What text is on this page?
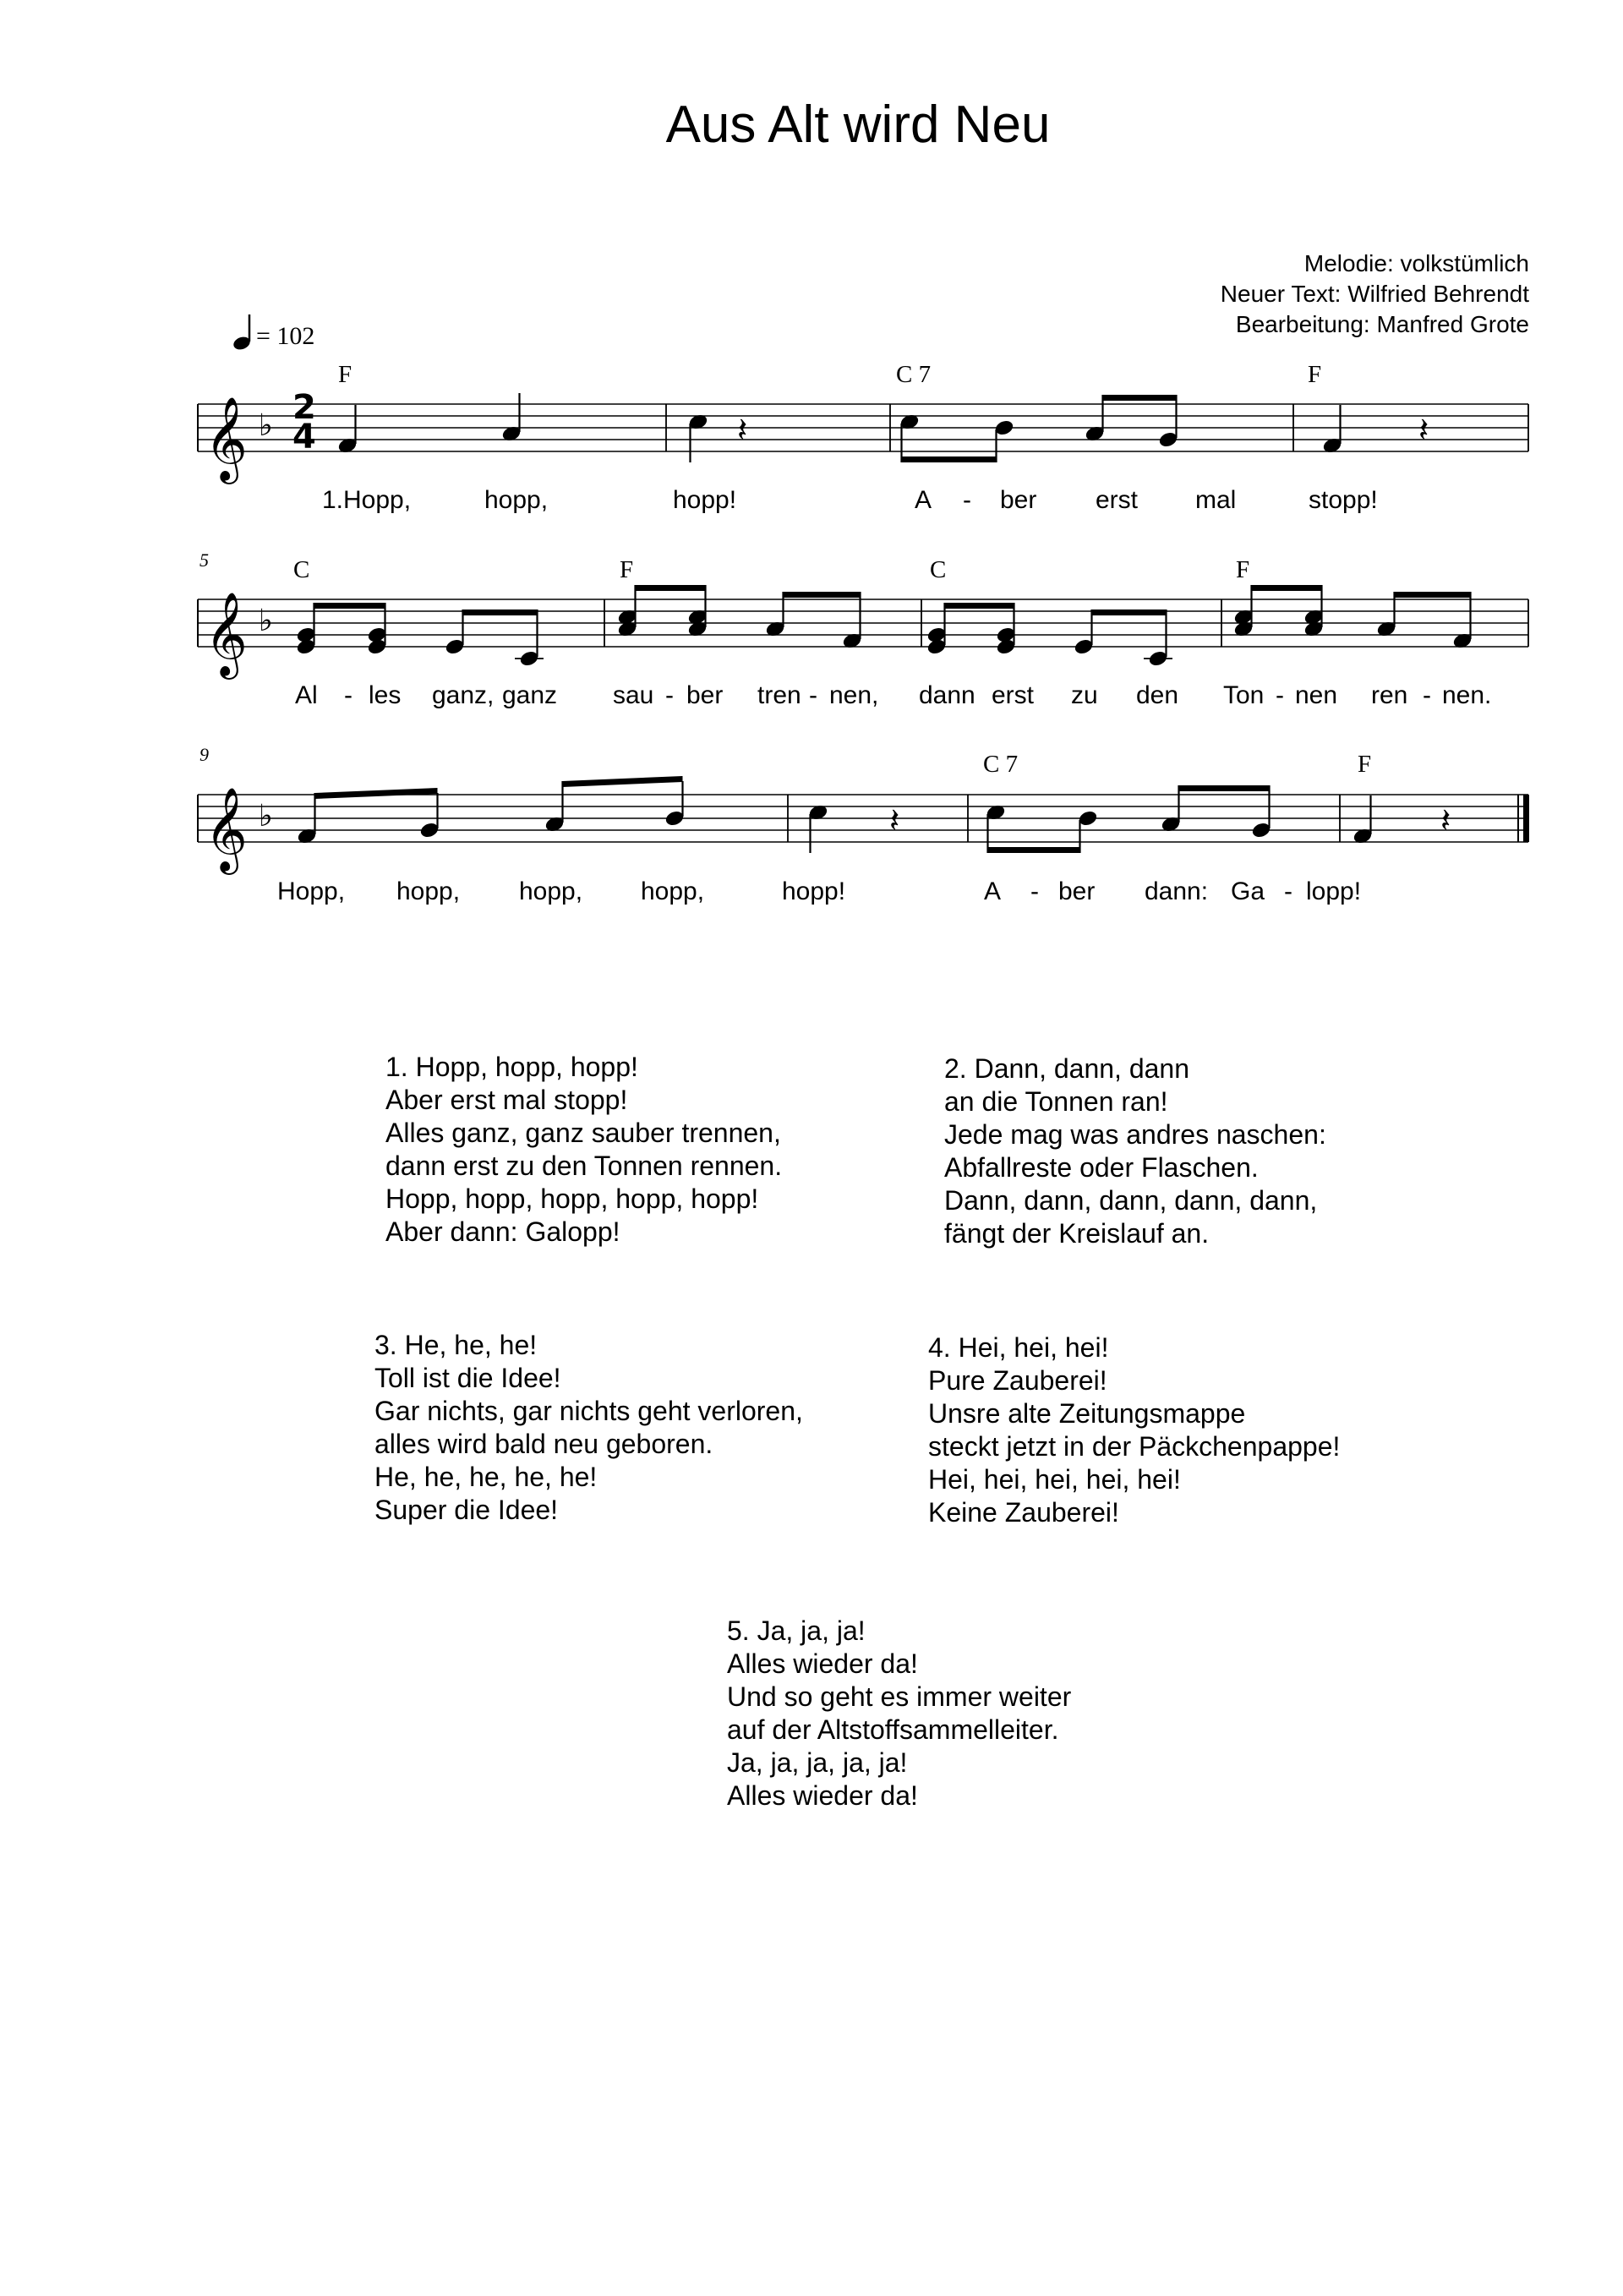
Aus Alt wird Neu
Melodie: volkstümlich
Neuer Text: Wilfried Behrendt
Bearbeitung: Manfred Grote
= 102
2
4
F	C 7	F
5	C	F	C	F
9	C 7	F
1.Hopp,	hopp,	hopp!	A - ber erst mal	stopp!
Al - les ganz, ganz sau - ber tren - nen, dann erst zu den Ton - nen ren - nen.
Hopp, hopp, hopp, hopp,	hopp!	A - ber dann: Ga - lopp!
𝄞 ♭
𝄞 ♭
𝄞 ♭
𝄽	𝄽
𝄽	𝄽
1. Hopp, hopp, hopp!
Aber erst mal stopp!
Alles ganz, ganz sauber trennen,
dann erst zu den Tonnen rennen.
Hopp, hopp, hopp, hopp, hopp!
Aber dann: Galopp!
2. Dann, dann, dann
an die Tonnen ran!
Jede mag was andres naschen:
Abfallreste oder Flaschen.
Dann, dann, dann, dann, dann,
fängt der Kreislauf an.
3. He, he, he!
Toll ist die Idee!
Gar nichts, gar nichts geht verloren,
alles wird bald neu geboren.
He, he, he, he, he!
Super die Idee!
4. Hei, hei, hei!
Pure Zauberei!
Unsre alte Zeitungsmappe
steckt jetzt in der Päckchenpappe!
Hei, hei, hei, hei, hei!
Keine Zauberei!
5. Ja, ja, ja!
Alles wieder da!
Und so geht es immer weiter
auf der Altstoffsammelleiter.
Ja, ja, ja, ja, ja!
Alles wieder da!
